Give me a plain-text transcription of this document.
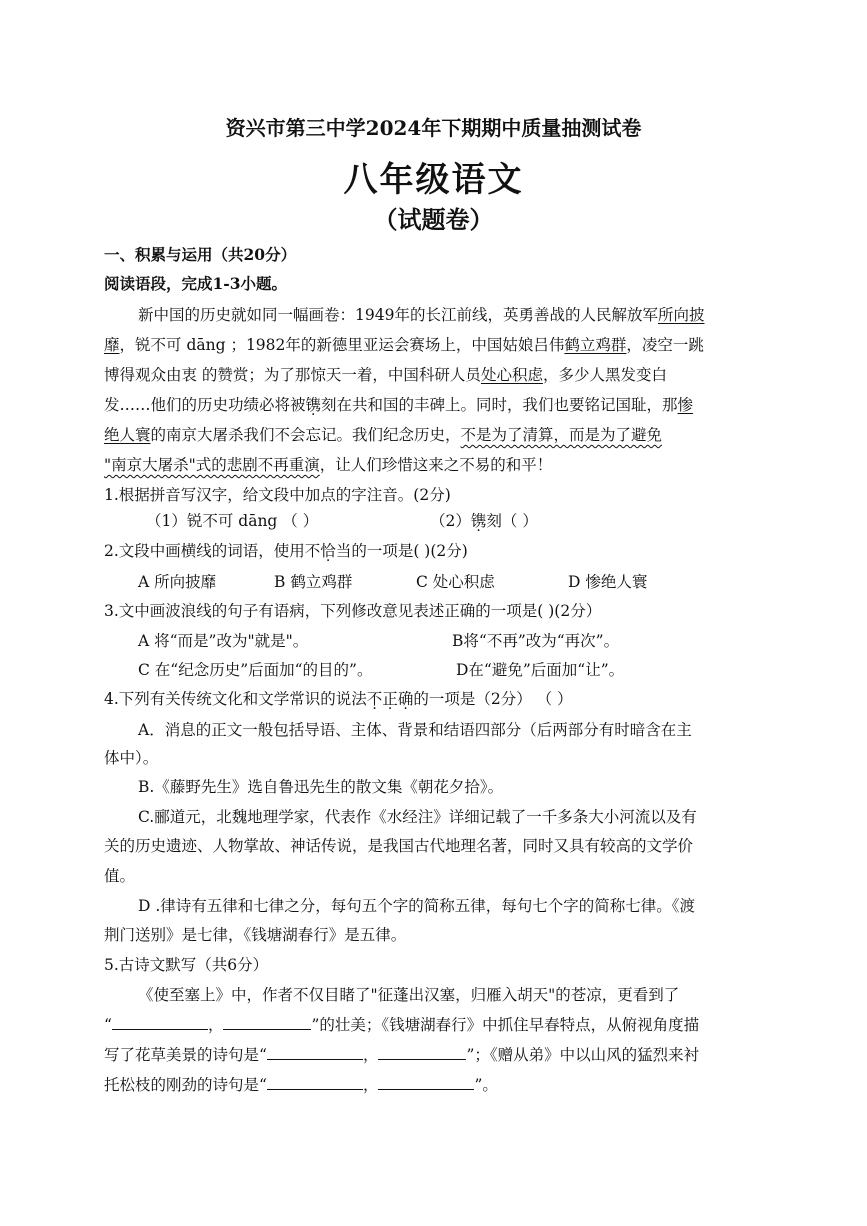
资兴市第三中学2024年下期期中质量抽测试卷
八年级语文
（试题卷）
一、积累与运用（共20分）
阅读语段，完成1-3小题。
新中国的历史就如同一幅画卷：1949年的长江前线，英勇善战的人民解放军所向披
靡，锐不可 dāng ；1982年的新德里亚运会赛场上，中国姑娘吕伟鹤立鸡群，凌空一跳
博得观众由衷 的赞赏；为了那惊天一着，中国科研人员处心积虑，多少人黑发变白
发……他们的历史功绩必将被镌刻在共和国的丰碑上。同时，我们也要铭记国耻，那惨
绝人寰的南京大屠杀我们不会忘记。我们纪念历史，不是为了清算，而是为了避免
"南京大屠杀"式的悲剧不再重演，让人们珍惜这来之不易的和平！
1.根据拼音写汉字，给文段中加点的字注音。(2分)
（1）锐不可 dāng （ ）	（2）镌刻（ ）
2.文段中画横线的词语，使用不恰当的一项是( )(2分)
A 所向披靡	B 鹤立鸡群	C 处心积虑	D 惨绝人寰
3.文中画波浪线的句子有语病，下列修改意见表述正确的一项是( )(2分）
A 将“而是”改为"就是"。	B将“不再”改为“再次”。
C 在“纪念历史”后面加“的目的”。	D在“避免”后面加“让”。
4.下列有关传统文化和文学常识的说法不正确的一项是（2分） （ ）
A．消息的正文一般包括导语、主体、背景和结语四部分（后两部分有时暗含在主
体中）。
B.《藤野先生》选自鲁迅先生的散文集《朝花夕拾》。
C.郦道元，北魏地理学家，代表作《水经注》详细记载了一千多条大小河流以及有
关的历史遗迹、人物掌故、神话传说，是我国古代地理名著，同时又具有较高的文学价
值。
D .律诗有五律和七律之分，每句五个字的简称五律，每句七个字的简称七律。《渡
荆门送别》是七律，《钱塘湖春行》是五律。
5.古诗文默写（共6分）
《使至塞上》中，作者不仅目睹了"征蓬出汉塞，归雁入胡天"的苍凉，更看到了
“	，	”的壮美；《钱塘湖春行》中抓住早春特点，从俯视角度描
写了花草美景的诗句是“	，	”；《赠从弟》中以山风的猛烈来衬
托松枝的刚劲的诗句是“	，	”。
